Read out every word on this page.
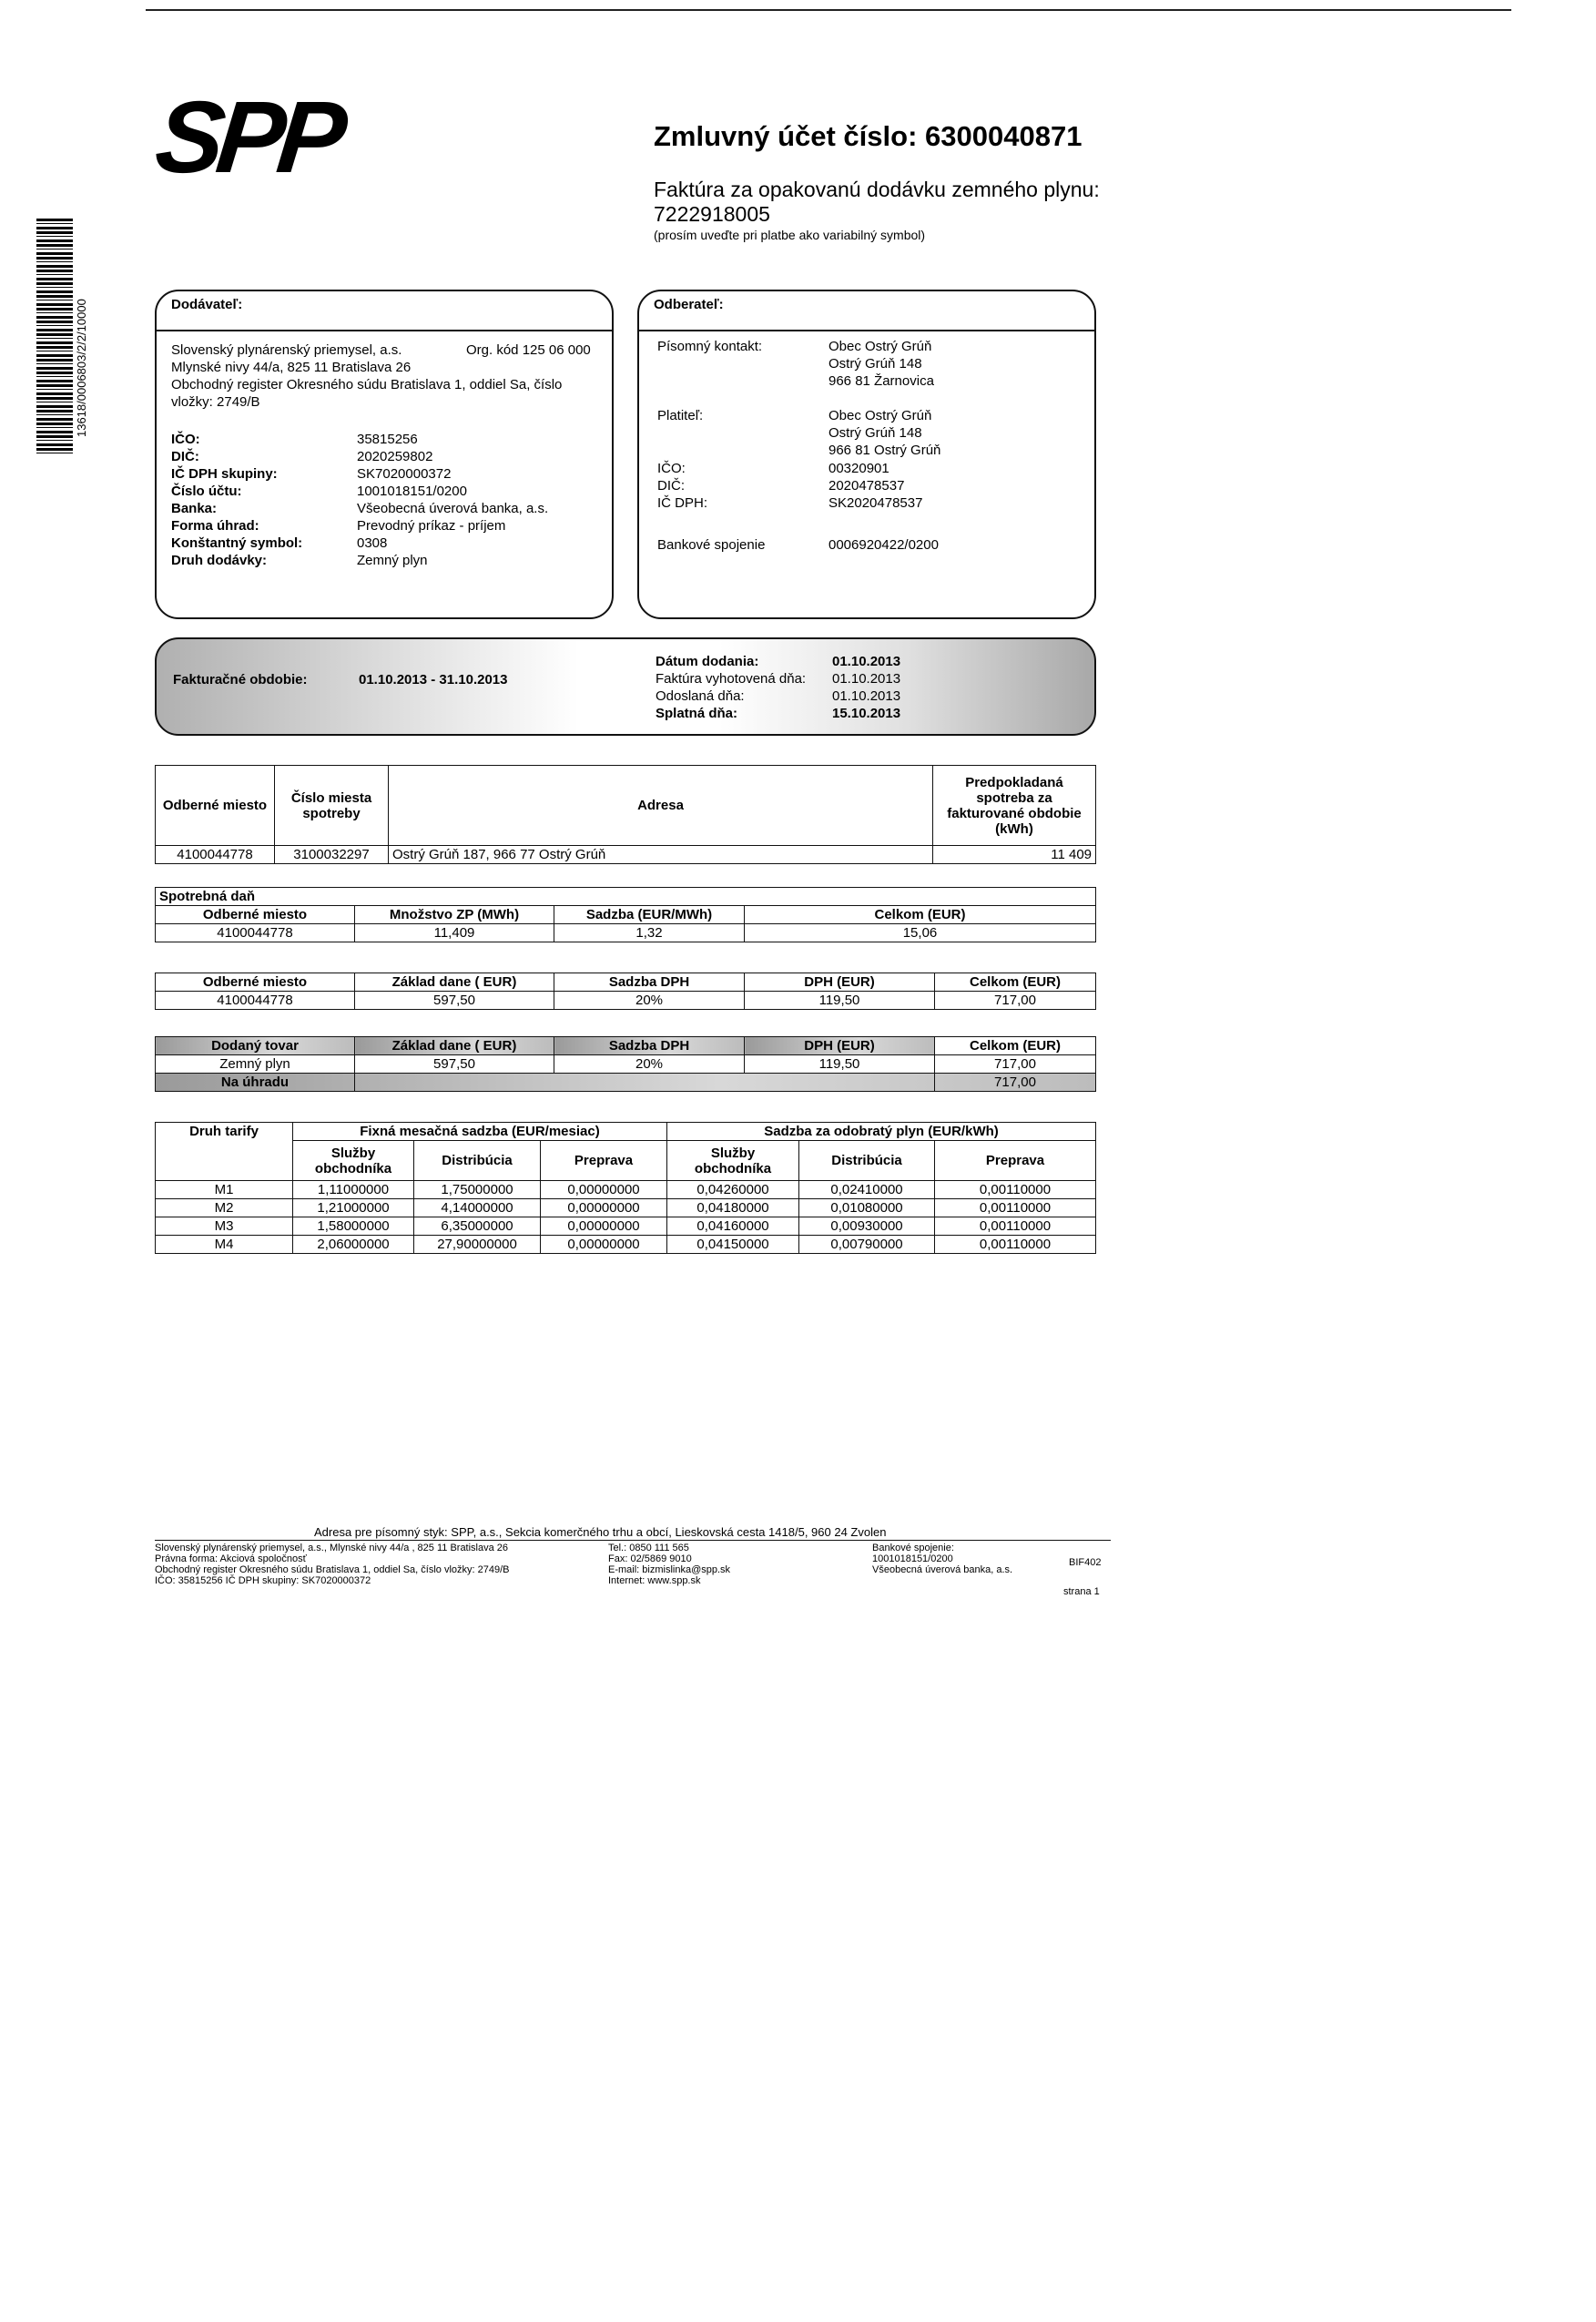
SPP
13618/0006803/2/2/10000
Zmluvný účet číslo: 6300040871
Faktúra za opakovanú dodávku zemného plynu:
7222918005
(prosím uveďte pri platbe ako variabilný symbol)
Dodávateľ:
Slovenský plynárenský priemysel, a.s.	Org. kód 125 06 000
Mlynské nivy 44/a, 825 11 Bratislava 26
Obchodný register Okresného súdu Bratislava 1, oddiel Sa, číslo
vložky: 2749/B
IČO:	35815256
DIČ:	2020259802
IČ DPH skupiny:	SK7020000372
Číslo účtu:	1001018151/0200
Banka:	Všeobecná úverová banka, a.s.
Forma úhrad:	Prevodný príkaz - príjem
Konštantný symbol:	0308
Druh dodávky:	Zemný plyn
Odberateľ:
Písomný kontakt:	Obec Ostrý Grúň
Ostrý Grúň 148
966 81 Žarnovica
Platiteľ:	Obec Ostrý Grúň
Ostrý Grúň 148
966 81 Ostrý Grúň
IČO:	00320901
DIČ:	2020478537
IČ DPH:	SK2020478537
Bankové spojenie	0006920422/0200
Fakturačné obdobie:	01.10.2013 - 31.10.2013
Dátum dodania:	01.10.2013
Faktúra vyhotovená dňa: 01.10.2013
Odoslaná dňa:	01.10.2013
Splatná dňa:	15.10.2013
Odberné miesto	Číslo miesta spotreby	Adresa	Predpokladaná spotreba za fakturované obdobie (kWh)
4100044778	3100032297	Ostrý Grúň 187, 966 77 Ostrý Grúň	11 409
Spotrebná daň			
Odberné miesto	Množstvo ZP (MWh)	Sadzba (EUR/MWh)	Celkom (EUR)
4100044778	11,409	1,32	15,06
Odberné miesto	Základ dane ( EUR)	Sadzba DPH	DPH (EUR)	Celkom (EUR)
4100044778	597,50	20%	119,50	717,00
Dodaný tovar	Základ dane ( EUR)	Sadzba DPH	DPH (EUR)	Celkom (EUR)
Zemný plyn	597,50	20%	119,50	717,00
Na úhradu				717,00
Druh tarify	Fixná mesačná sadzba (EUR/mesiac)			Sadzba za odobratý plyn (EUR/kWh)		
	Služby obchodníka	Distribúcia	Preprava	Služby obchodníka	Distribúcia	Preprava
M1	1,11000000	1,75000000	0,00000000	0,04260000	0,02410000	0,00110000
M2	1,21000000	4,14000000	0,00000000	0,04180000	0,01080000	0,00110000
M3	1,58000000	6,35000000	0,00000000	0,04160000	0,00930000	0,00110000
M4	2,06000000	27,90000000	0,00000000	0,04150000	0,00790000	0,00110000
Adresa pre písomný styk: SPP, a.s., Sekcia komerčného trhu a obcí, Lieskovská cesta 1418/5, 960 24 Zvolen
Slovenský plynárenský priemysel, a.s., Mlynské nivy 44/a , 825 11 Bratislava 26
Právna forma: Akciová spoločnosť
Obchodný register Okresného súdu Bratislava 1, oddiel Sa, číslo vložky: 2749/B
IČO: 35815256 IČ DPH skupiny: SK7020000372
Tel.: 0850 111 565
Fax: 02/5869 9010
E-mail: bizmislinka@spp.sk
Internet: www.spp.sk
Bankové spojenie:
1001018151/0200
Všeobecná úverová banka, a.s.
BIF402
strana 1
